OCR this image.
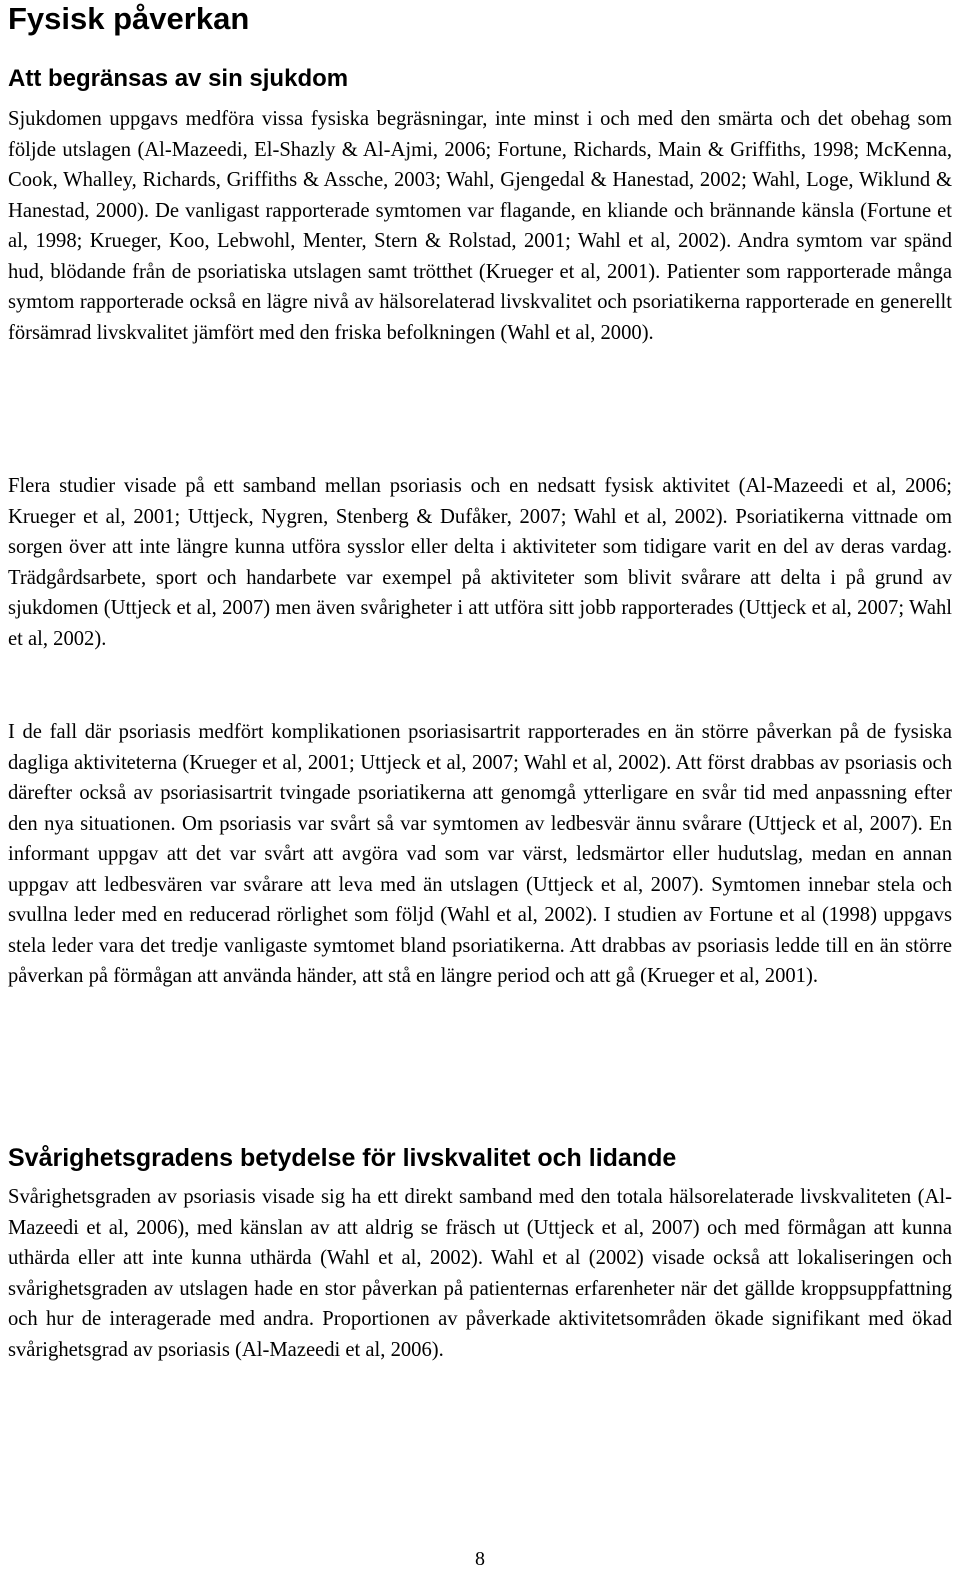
Fysisk påverkan
Att begränsas av sin sjukdom

Sjukdomen uppgavs medföra vissa fysiska begräsningar, inte minst i och med den smärta och det obehag som följde utslagen (Al-Mazeedi, El-Shazly & Al-Ajmi, 2006; Fortune, Richards, Main & Griffiths, 1998; McKenna, Cook, Whalley, Richards, Griffiths & Assche, 2003; Wahl, Gjengedal & Hanestad, 2002; Wahl, Loge, Wiklund & Hanestad, 2000). De vanligast rapporterade symtomen var flagande, en kliande och brännande känsla (Fortune et al, 1998; Krueger, Koo, Lebwohl, Menter, Stern & Rolstad, 2001; Wahl et al, 2002). Andra symtom var spänd hud, blödande från de psoriatiska utslagen samt trötthet (Krueger et al, 2001). Patienter som rapporterade många symtom rapporterade också en lägre nivå av hälsorelaterad livskvalitet och psoriatikerna rapporterade en generellt försämrad livskvalitet jämfört med den friska befolkningen (Wahl et al, 2000).

Flera studier visade på ett samband mellan psoriasis och en nedsatt fysisk aktivitet (Al-Mazeedi et al, 2006; Krueger et al, 2001; Uttjeck, Nygren, Stenberg & Dufåker, 2007; Wahl et al, 2002). Psoriatikerna vittnade om sorgen över att inte längre kunna utföra sysslor eller delta i aktiviteter som tidigare varit en del av deras vardag. Trädgårdsarbete, sport och handarbete var exempel på aktiviteter som blivit svårare att delta i på grund av sjukdomen (Uttjeck et al, 2007) men även svårigheter i att utföra sitt jobb rapporterades (Uttjeck et al, 2007; Wahl et al, 2002).

I de fall där psoriasis medfört komplikationen psoriasisartrit rapporterades en än större påverkan på de fysiska dagliga aktiviteterna (Krueger et al, 2001; Uttjeck et al, 2007; Wahl et al, 2002). Att först drabbas av psoriasis och därefter också av psoriasisartrit tvingade psoriatikerna att genomgå ytterligare en svår tid med anpassning efter den nya situationen. Om psoriasis var svårt så var symtomen av ledbesvär ännu svårare (Uttjeck et al, 2007). En informant uppgav att det var svårt att avgöra vad som var värst, ledsmärtor eller hudutslag, medan en annan uppgav att ledbesvären var svårare att leva med än utslagen (Uttjeck et al, 2007). Symtomen innebar stela och svullna leder med en reducerad rörlighet som följd (Wahl et al, 2002). I studien av Fortune et al (1998) uppgavs stela leder vara det tredje vanligaste symtomet bland psoriatikerna. Att drabbas av psoriasis ledde till en än större påverkan på förmågan att använda händer, att stå en längre period och att gå (Krueger et al, 2001).

Svårighetsgradens betydelse för livskvalitet och lidande

Svårighetsgraden av psoriasis visade sig ha ett direkt samband med den totala hälsorelaterade livskvaliteten (Al-Mazeedi et al, 2006), med känslan av att aldrig se fräsch ut (Uttjeck et al, 2007) och med förmågan att kunna uthärda eller att inte kunna uthärda (Wahl et al, 2002). Wahl et al (2002) visade också att lokaliseringen och svårighetsgraden av utslagen hade en stor påverkan på patienternas erfarenheter när det gällde kroppsuppfattning och hur de interagerade med andra. Proportionen av påverkade aktivitetsområden ökade signifikant med ökad svårighetsgrad av psoriasis (Al-Mazeedi et al, 2006).

8
